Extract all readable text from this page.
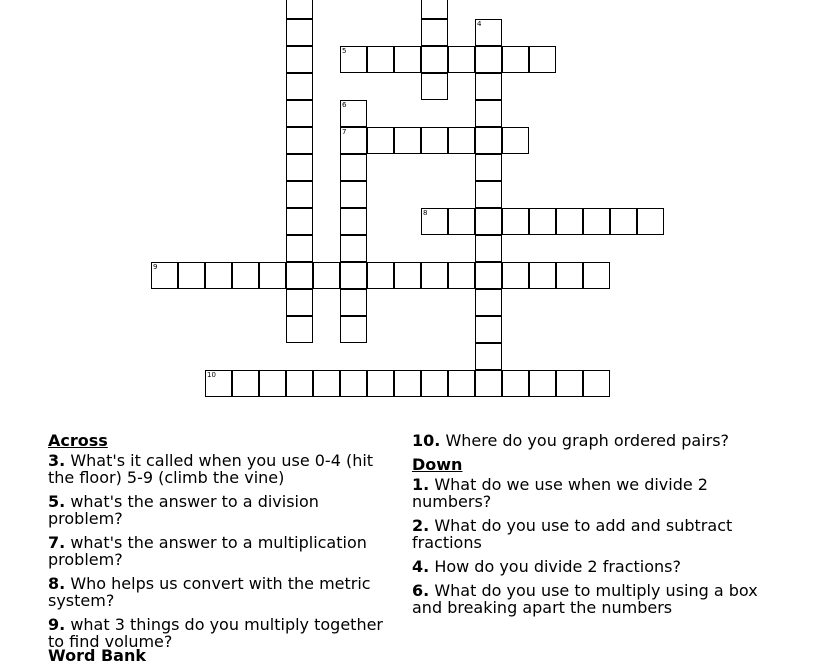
4
6
7
5
8
9
10
Across
3. What's it called when you use 0-4 (hit the floor) 5-9 (climb the vine)
5. what's the answer to a division problem?
7. what's the answer to a multiplication problem?
8. Who helps us convert with the metric system?
9. what 3 things do you multiply together to find volume?
10. Where do you graph ordered pairs?
Down
1. What do we use when we divide 2 numbers?
2. What do you use to add and subtract fractions
4. How do you divide 2 fractions?
6. What do you use to multiply using a box and breaking apart the numbers
Word Bank
